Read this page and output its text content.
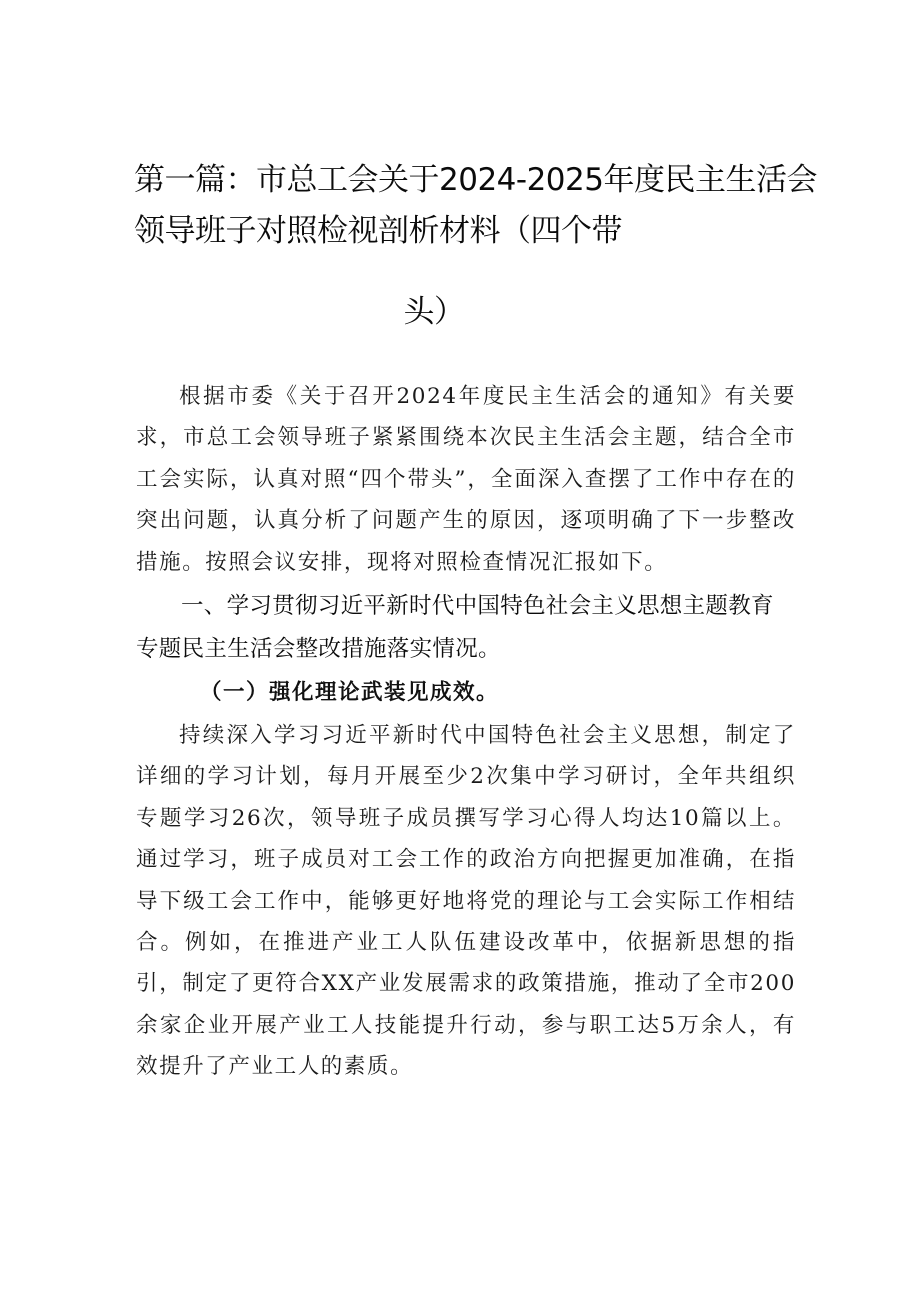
第一篇：市总工会关于2024-2025年度民主生活会
领导班子对照检视剖析材料（四个带
头）

根据市委《关于召开2024年度民主生活会的通知》有关要求，市总工会领导班子紧紧围绕本次民主生活会主题，结合全市工会实际，认真对照“四个带头”，全面深入查摆了工作中存在的突出问题，认真分析了问题产生的原因，逐项明确了下一步整改措施。按照会议安排，现将对照检查情况汇报如下。

一、学习贯彻习近平新时代中国特色社会主义思想主题教育专题民主生活会整改措施落实情况。

（一）强化理论武装见成效。

持续深入学习习近平新时代中国特色社会主义思想，制定了详细的学习计划，每月开展至少2次集中学习研讨，全年共组织专题学习26次，领导班子成员撰写学习心得人均达10篇以上。通过学习，班子成员对工会工作的政治方向把握更加准确，在指导下级工会工作中，能够更好地将党的理论与工会实际工作相结合。例如，在推进产业工人队伍建设改革中，依据新思想的指引，制定了更符合XX产业发展需求的政策措施，推动了全市200余家企业开展产业工人技能提升行动，参与职工达5万余人，有效提升了产业工人的素质。
